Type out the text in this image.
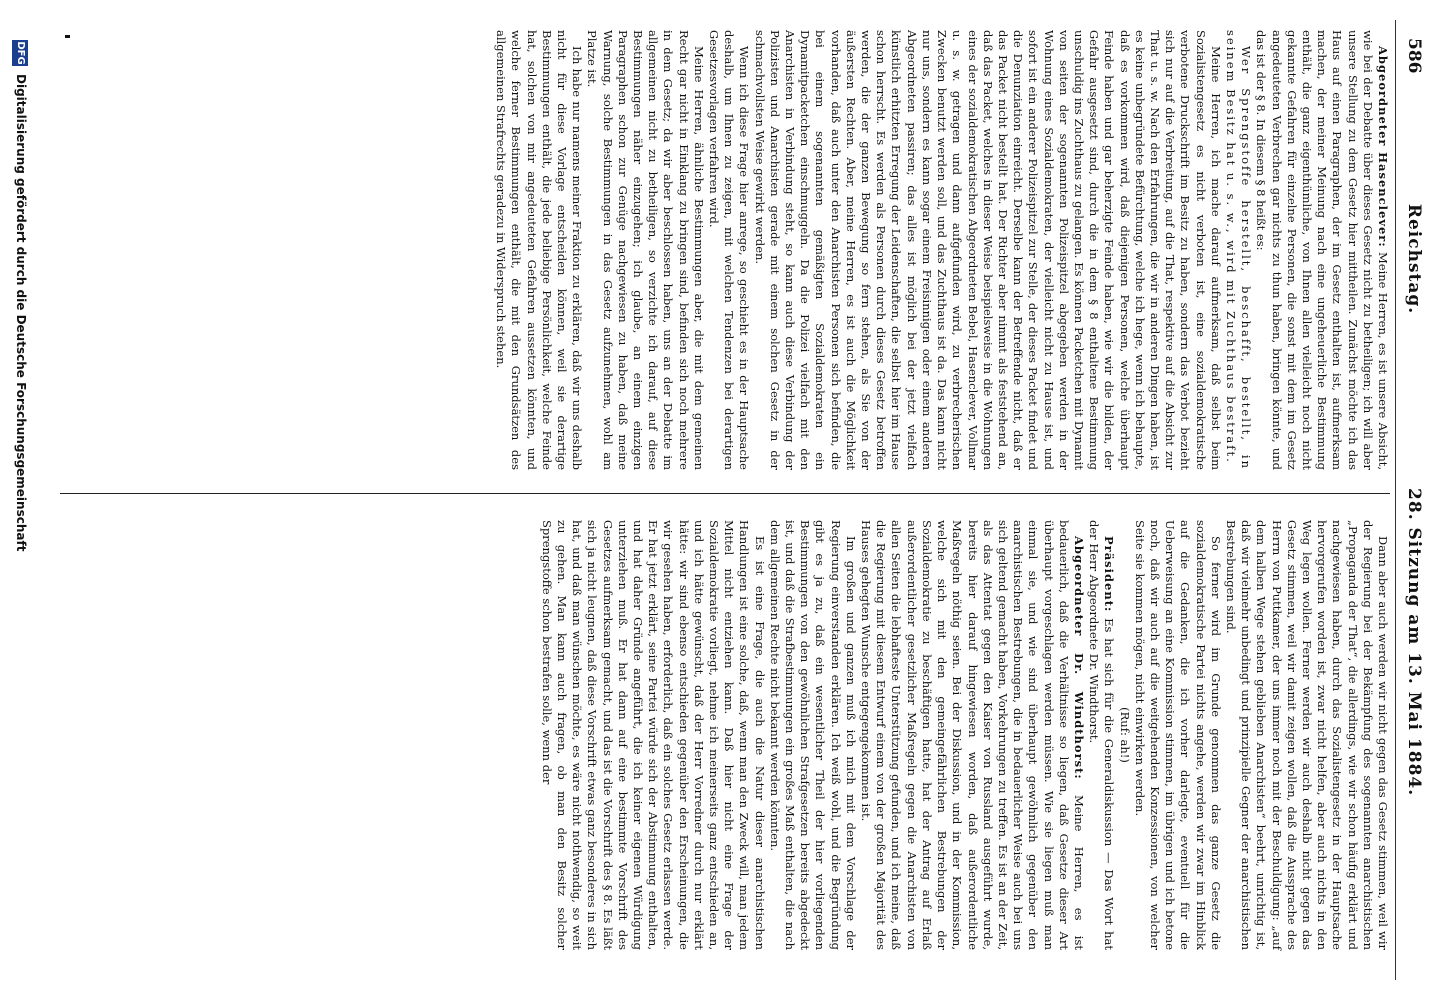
586
Reichstag.  28. Sitzung am 13. Mai 1884.

Abgeordneter Hasenclever: Meine Herren, es ist unsere Absicht, wie bei der Debatte über dieses Gesetz nicht zu betheiligen; ich will aber unsere Stellung zu dem Gesetz hier mittheilen. Zunächst möchte ich das Haus auf einen Paragraphen, der im Gesetz enthalten ist, aufmerksam machen, der meiner Meinung nach eine ungeheuerliche Bestimmung enthält, die ganz eigenthümliche, von Ihnen allen vielleicht noch nicht gekannte Gefahren für einzelne Personen, die sonst mit dem im Gesetz angedeuteten Verbrechen gar nichts zu thun haben, bringen könnte, und das ist der § 8. In diesem § 8 heißt es:

Wer Sprengstoffe herstellt, beschafft, bestellt, in seinem Besitz hat u. s. w., wird mit Zuchthaus bestraft.

Meine Herren, ich mache darauf aufmerksam, daß selbst beim Sozialistengesetz es nicht verboten ist, eine sozialdemokratische verbotene Druckschrift im Besitz zu haben, sondern das Verbot bezieht sich nur auf die Verbreitung, auf die That, respektive auf die Absicht zur That u. s. w. Nach den Erfahrungen, die wir in anderen Dingen haben, ist es keine unbegründete Befürchtung, welche ich hege, wenn ich behaupte, daß es vorkommen wird, daß diejenigen Personen, welche überhaupt Feinde haben und gar beherzigte Feinde haben, wie wir die bilden, der Gefahr ausgesetzt sind, durch die in dem § 8 enthaltene Bestimmung unschuldig ins Zuchthaus zu gelangen. Es können Packetchen mit Dynamit von seiten der sogenannten Polizeispitzel abgegeben werden in der Wohnung eines Sozialdemokraten, der vielleicht nicht zu Hause ist, und sofort ist ein anderer Polizeispitzel zur Stelle, der dieses Packet findet und die Denunziation einreicht. Derselbe kann der Betreffende nicht, daß er das Packet nicht bestellt hat. Der Richter aber nimmt als feststehend an, daß das Packet, welches in dieser Weise beispielsweise in die Wohnungen eines der sozialdemokratischen Abgeordneten Bebel, Hasenclever, Vollmar u. s. w. getragen und dann aufgefunden wird, zu verbrecherischen Zwecken benutzt werden soll, und das Zuchthaus ist da. Das kann nicht nur uns, sondern es kann sogar einem Freisinnigen oder einem anderen Abgeordneten passiren; das alles ist möglich bei der jetzt vielfach künstlich erhitzten Erregung der Leidenschaften, die selbst hier im Hause schon herrscht. Es werden als Personen durch dieses Gesetz betroffen werden, die der ganzen Bewegung so fern stehen, als Sie von der äußersten Rechten. Aber, meine Herren, es ist auch die Möglichkeit vorhanden, daß auch unter den Anarchisten Personen sich befinden, die bei einem sogenannten gemäßigten Sozialdemokraten ein Dynamitpacketchen einschmuggeln. Da die Polizei vielfach mit den Anarchisten in Verbindung steht, so kann auch diese Verbindung der Polizisten und Anarchisten gerade mit einem solchen Gesetz in der schmachvollsten Weise gewirkt werden.

Wenn ich diese Frage hier anrege, so geschieht es in der Hauptsache deshalb, um Ihnen zu zeigen, mit welchen Tendenzen bei derartigen Gesetzesvorlagen verfahren wird.

Meine Herren, ähnliche Bestimmungen aber, die mit dem gemeinen Recht gar nicht in Einklang zu bringen sind, befinden sich noch mehrere in dem Gesetz; da wir aber beschlossen haben, uns an der Debatte im allgemeinen nicht zu betheiligen, so verzichte ich darauf, auf diese Bestimmungen näher einzugehen; ich glaube, an einem einzigen Paragraphen schon zur Genüge nachgewiesen zu haben, daß meine Warnung, solche Bestimmungen in das Gesetz aufzunehmen, wohl am Platze ist.

Ich habe nur namens meiner Fraktion zu erklären, daß wir uns deshalb nicht für diese Vorlage entscheiden können, weil sie derartige Bestimmungen enthält, die jede beliebige Persönlichkeit, welche Feinde hat, solchen von mir angedeuteten Gefahren aussetzen könnten, und welche ferner Bestimmungen enthält, die mit den Grundsätzen des allgemeinen Strafrechts geradezu in Widerspruch stehen.

Dann aber auch werden wir nicht gegen das Gesetz stimmen, weil wir der Regierung bei der Bekämpfung des sogenannten anarchistischen „Propaganda der That“, die allerdings, wie wir schon häufig erklärt und nachgewiesen haben, durch das Sozialistengesetz in der Hauptsache hervorgerufen worden ist, zwar nicht helfen, aber auch nichts in den Weg legen wollen. Ferner werden wir auch deshalb nicht gegen das Gesetz stimmen, weil wir damit zeigen wollen, daß die Aussprache des Herrn von Puttkamer, der uns immer noch mit der Beschuldigung: „auf dem halben Wege stehen geblieben Anarchisten“ beehrt, unrichtig ist, daß wir vielmehr unbedingt und prinzipielle Gegner der anarchistischen Bestrebungen sind.

So ferner wird im Grunde genommen das ganze Gesetz die sozialdemokratische Partei nichts angehe, werden wir zwar im Hinblick auf die Gedanken, die ich vorher darlegte, eventuell für die Ueberweisung an eine Kommission stimmen, im übrigen und ich betone noch, daß wir auch auf die weitgehenden Konzessionen, von welcher Seite sie kommen mögen, nicht einwirken werden.

(Ruf: ah!)

Präsident: Es hat sich für die Generaldiskussion — Das Wort hat der Herr Abgeordnete Dr. Windthorst.

Abgeordneter Dr. Windthorst: Meine Herren, es ist bedauerlich, daß die Verhältnisse so liegen, daß Gesetze dieser Art überhaupt vorgeschlagen werden müssen. Wie sie liegen muß man einmal sie, und wie sind überhaupt gewöhnlich gegenüber den anarchistischen Bestrebungen, die in bedauerlicher Weise auch bei uns sich geltend gemacht haben, Vorkehrungen zu treffen. Es ist an der Zeit, als das Attentat gegen den Kaiser von Russland ausgeführt wurde, bereits hier darauf hingewiesen worden, daß außerordentliche Maßregeln nöthig seien. Bei der Diskussion, und in der Kommission, welche sich mit den gemeingefährlichen Bestrebungen der Sozialdemokratie zu beschäftigen hatte, hat der Antrag auf Erlaß außerordentlicher gesetzlicher Maßregeln gegen die Anarchisten von allen Seiten die lebhafteste Unterstützung gefunden, und ich meine, daß die Regierung mit diesem Entwurf einem von der großen Majorität des Hauses gehegten Wunsche entgegengekommen ist.

Im großen und ganzen muß ich mich mit dem Vorschlage der Regierung einverstanden erklären. Ich weiß wohl, und die Begründung gibt es ja zu, daß ein wesentlicher Theil der hier vorliegenden Bestimmungen von den gewöhnlichen Strafgesetzen bereits abgedeckt ist, und daß die Strafbestimmungen ein großes Maß enthalten, die nach dem allgemeinen Rechte nicht bekannt werden könnten.

Es ist eine Frage, die auch die Natur dieser anarchistischen Handlungen ist eine solche, daß, wenn man den Zweck will, man jedem Mittel nicht entziehen kann. Daß hier nicht eine Frage der Sozialdemokratie vorliegt, nehme ich meinerseits ganz entschieden an, und ich hätte gewünscht, daß der Herr Vorredner durch nur erklärt hätte: wir sind ebenso entschieden gegenüber den Erscheinungen, die wir gesehen haben, erforderlich, daß ein solches Gesetz erlassen werde. Er hat jetzt erklärt, seine Partei würde sich der Abstimmung enthalten, und hat daher Gründe angeführt, die ich keiner eigenen Würdigung unterziehen muß. Er hat dann auf eine bestimmte Vorschrift des Gesetzes aufmerksam gemacht, und das ist die Vorschrift des § 8. Es läßt sich ja nicht leugnen, daß diese Vorschrift etwas ganz besonderes in sich hat, und daß man wünschen möchte, es wäre nicht nothwendig, so weit zu gehen. Man kann auch fragen, ob man den Besitz solcher Sprengstoffe schon bestrafen solle, wenn der

DFG
Digitalisierung gefördert durch die Deutsche Forschungsgemeinschaft
